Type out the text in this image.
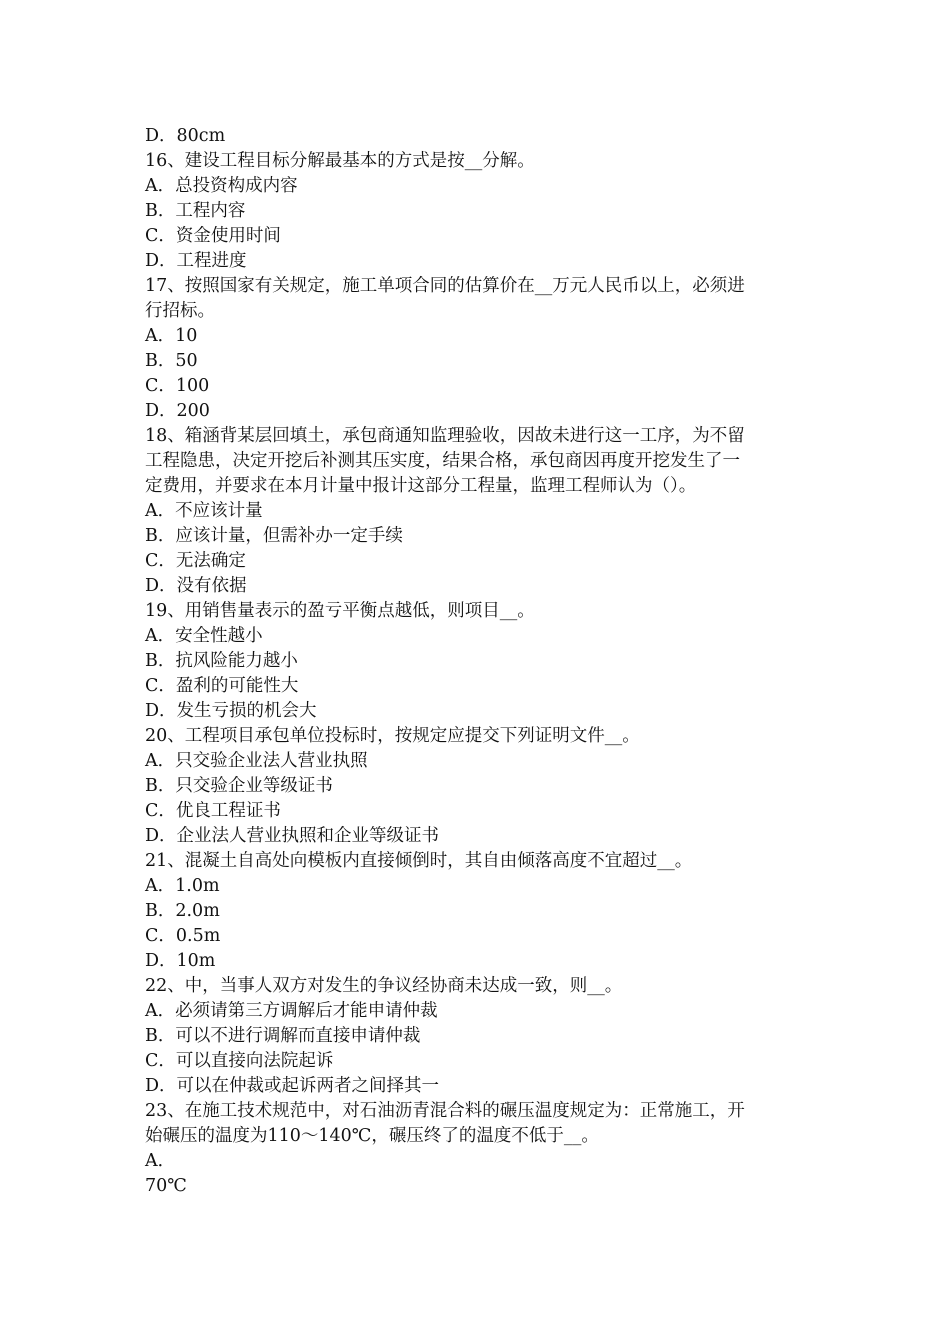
D．80cm

16、建设工程目标分解最基本的方式是按__分解。

A．总投资构成内容

B．工程内容

C．资金使用时间

D．工程进度

17、按照国家有关规定，施工单项合同的估算价在__万元人民币以上，必须进

行招标。

A．10

B．50

C．100

D．200

18、箱涵背某层回填土，承包商通知监理验收，因故未进行这一工序，为不留

工程隐患，决定开挖后补测其压实度，结果合格，承包商因再度开挖发生了一

定费用，并要求在本月计量中报计这部分工程量，监理工程师认为（）。

A．不应该计量

B．应该计量，但需补办一定手续

C．无法确定

D．没有依据

19、用销售量表示的盈亏平衡点越低，则项目__。

A．安全性越小

B．抗风险能力越小

C．盈利的可能性大

D．发生亏损的机会大

20、工程项目承包单位投标时，按规定应提交下列证明文件__。

A．只交验企业法人营业执照

B．只交验企业等级证书

C．优良工程证书

D．企业法人营业执照和企业等级证书

21、混凝土自高处向模板内直接倾倒时，其自由倾落高度不宜超过__。

A．1.0m

B．2.0m

C．0.5m

D．10m

22、中，当事人双方对发生的争议经协商未达成一致，则__。

A．必须请第三方调解后才能申请仲裁

B．可以不进行调解而直接申请仲裁

C．可以直接向法院起诉

D．可以在仲裁或起诉两者之间择其一

23、在施工技术规范中，对石油沥青混合料的碾压温度规定为：正常施工，开

始碾压的温度为110～140℃，碾压终了的温度不低于__。

A．

70℃
